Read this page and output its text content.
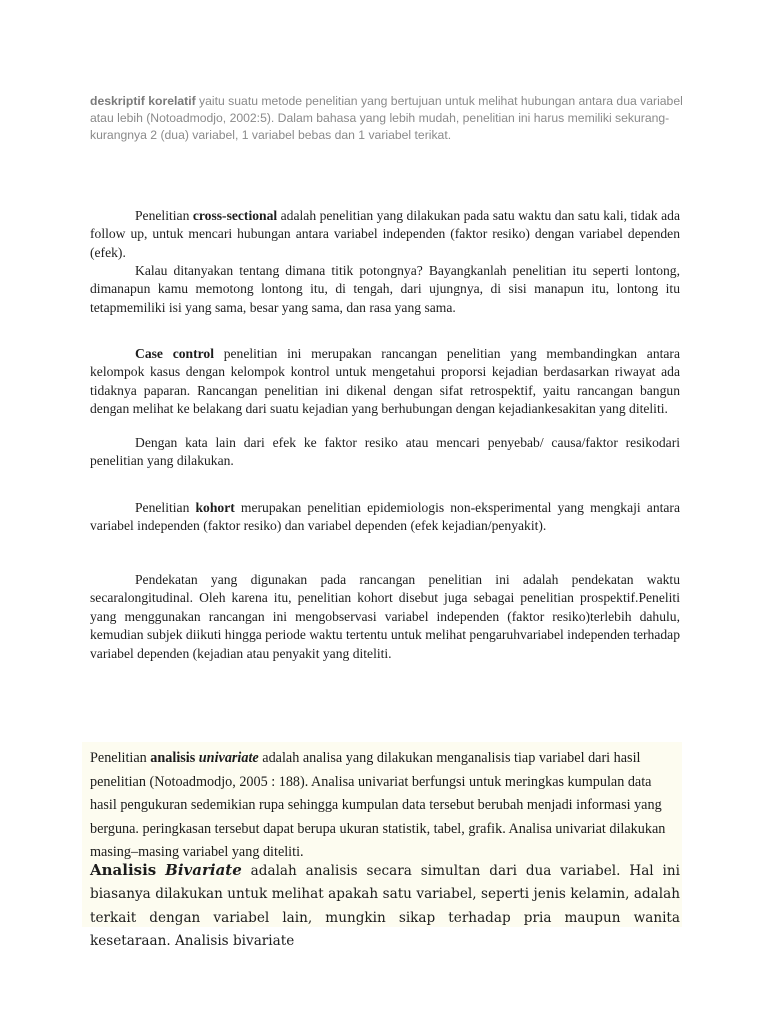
deskriptif korelatif yaitu suatu metode penelitian yang bertujuan untuk melihat hubungan antara dua variabel atau lebih (Notoadmodjo, 2002:5). Dalam bahasa yang lebih mudah, penelitian ini harus memiliki sekurang-kurangnya 2 (dua) variabel, 1 variabel bebas dan 1 variabel terikat.

Penelitian cross-sectional adalah penelitian yang dilakukan pada satu waktu dan satu kali, tidak ada follow up, untuk mencari hubungan antara variabel independen (faktor resiko) dengan variabel dependen (efek).

Kalau ditanyakan tentang dimana titik potongnya? Bayangkanlah penelitian itu seperti lontong, dimanapun kamu memotong lontong itu, di tengah, dari ujungnya, di sisi manapun itu, lontong itu tetapmemiliki isi yang sama, besar yang sama, dan rasa yang sama.

Case control penelitian ini merupakan rancangan penelitian yang membandingkan antara kelompok kasus dengan kelompok kontrol untuk mengetahui proporsi kejadian berdasarkan riwayat ada tidaknya paparan. Rancangan penelitian ini dikenal dengan sifat retrospektif, yaitu rancangan bangun dengan melihat ke belakang dari suatu kejadian yang berhubungan dengan kejadiankesakitan yang diteliti.

Dengan kata lain dari efek ke faktor resiko atau mencari penyebab/ causa/faktor resikodari penelitian yang dilakukan.

Penelitian kohort merupakan penelitian epidemiologis non-eksperimental yang mengkaji antara variabel independen (faktor resiko) dan variabel dependen (efek kejadian/penyakit).

Pendekatan yang digunakan pada rancangan penelitian ini adalah pendekatan waktu secaralongitudinal. Oleh karena itu, penelitian kohort disebut juga sebagai penelitian prospektif.Peneliti yang menggunakan rancangan ini mengobservasi variabel independen (faktor resiko)terlebih dahulu, kemudian subjek diikuti hingga periode waktu tertentu untuk melihat pengaruhvariabel independen terhadap variabel dependen (kejadian atau penyakit yang diteliti.

Penelitian analisis univariate adalah analisa yang dilakukan menganalisis tiap variabel dari hasil penelitian (Notoadmodjo, 2005 : 188). Analisa univariat berfungsi untuk meringkas kumpulan data hasil pengukuran sedemikian rupa sehingga kumpulan data tersebut berubah menjadi informasi yang berguna. peringkasan tersebut dapat berupa ukuran statistik, tabel, grafik. Analisa univariat dilakukan masing–masing variabel yang diteliti.

Analisis Bivariate adalah analisis secara simultan dari dua variabel. Hal ini biasanya dilakukan untuk melihat apakah satu variabel, seperti jenis kelamin, adalah terkait dengan variabel lain, mungkin sikap terhadap pria maupun wanita kesetaraan. Analisis bivariate
